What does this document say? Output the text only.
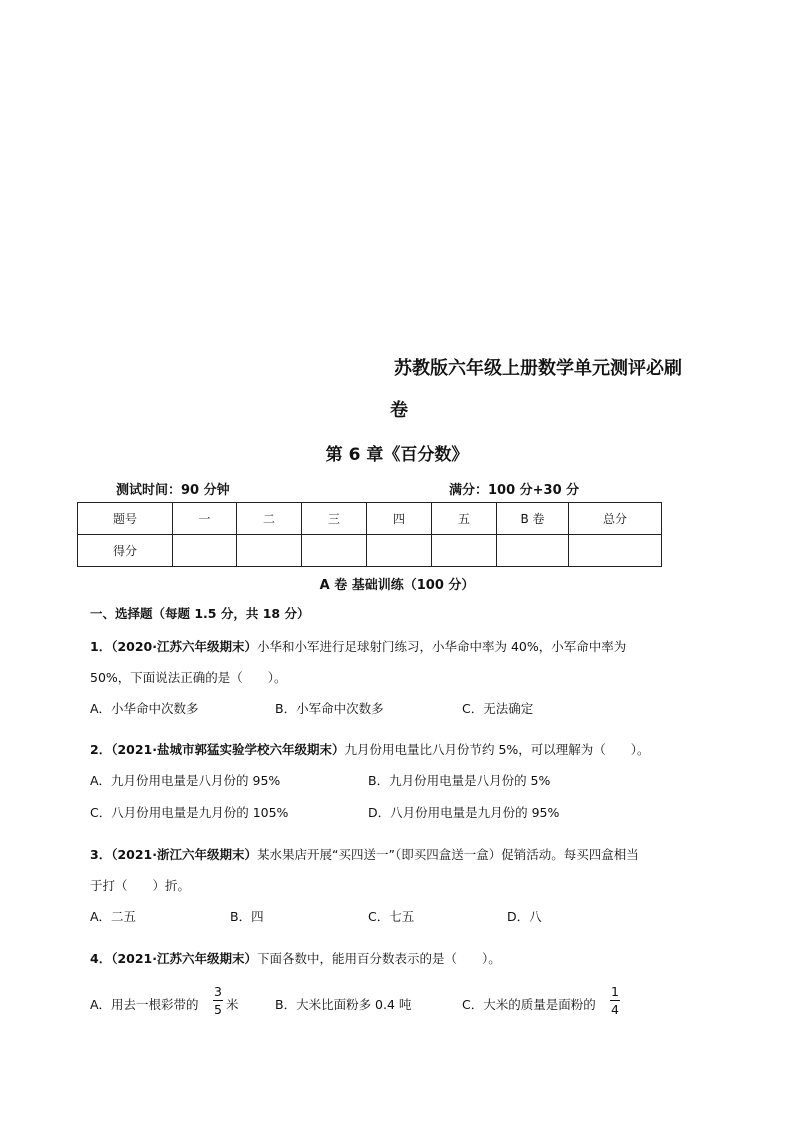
苏教版六年级上册数学单元测评必刷
卷
第 6 章《百分数》
测试时间：90 分钟	满分：100 分+30 分
题号	一	二	三	四	五	B 卷	总分
得分							
A 卷 基础训练（100 分）
一、选择题（每题 1.5 分，共 18 分）
1．（2020·江苏六年级期末）小华和小军进行足球射门练习，小华命中率为 40%，小军命中率为
50%，下面说法正确的是（　　）。
A．小华命中次数多	B．小军命中次数多	C．无法确定
2．（2021·盐城市郭猛实验学校六年级期末）九月份用电量比八月份节约 5%，可以理解为（　　）。
A．九月份用电量是八月份的 95%	B．九月份用电量是八月份的 5%
C．八月份用电量是九月份的 105%	D．八月份用电量是九月份的 95%
3．（2021·浙江六年级期末）某水果店开展“买四送一”（即买四盒送一盒）促销活动。每买四盒相当
于打（　　）折。
A．二五	B．四	C．七五	D．八
4．（2021·江苏六年级期末）下面各数中，能用百分数表示的是（　　）。
A．用去一根彩带的
3
5 米	B．大米比面粉多 0.4 吨	C．大米的质量是面粉的
1
4
